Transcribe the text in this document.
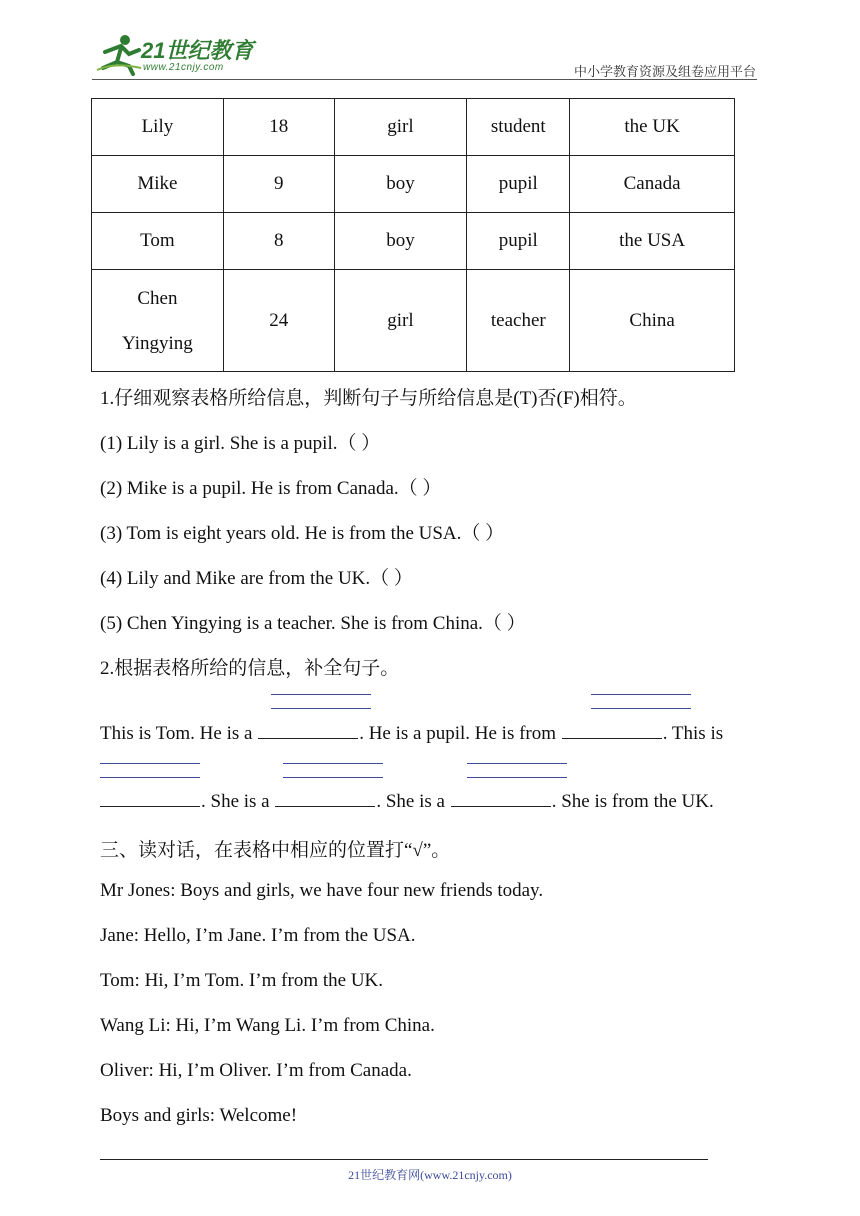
21世纪教育
www.21cnjy.com	中小学教育资源及组卷应用平台
Lily	18	girl	student	the UK
Mike	9	boy	pupil	Canada
Tom	8	boy	pupil	the USA
Chen
Yingying	24	girl	teacher	China
1.仔细观察表格所给信息，判断句子与所给信息是(T)否(F)相符。
(1) Lily is a girl. She is a pupil.（ ）
(2) Mike is a pupil. He is from Canada.（ ）
(3) Tom is eight years old. He is from the USA.（ ）
(4) Lily and Mike are from the UK.（ ）
(5) Chen Yingying is a teacher. She is from China.（ ）
2.根据表格所给的信息，补全句子。
This is Tom. He is a	. He is a pupil. He is from	. This is
. She is a	. She is a	. She is from the UK.
三、读对话，在表格中相应的位置打“√”。
Mr Jones: Boys and girls, we have four new friends today.
Jane: Hello, I’m Jane. I’m from the USA.
Tom: Hi, I’m Tom. I’m from the UK.
Wang Li: Hi, I’m Wang Li. I’m from China.
Oliver: Hi, I’m Oliver. I’m from Canada.
Boys and girls: Welcome!
21世纪教育网(www.21cnjy.com)
